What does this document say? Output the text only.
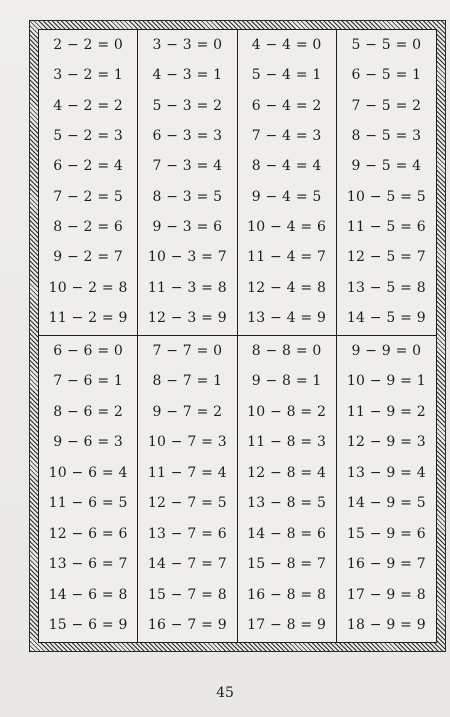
2 − 2 = 0
3 − 2 = 1
4 − 2 = 2
5 − 2 = 3
6 − 2 = 4
7 − 2 = 5
8 − 2 = 6
9 − 2 = 7
10 − 2 = 8
11 − 2 = 9
3 − 3 = 0
4 − 3 = 1
5 − 3 = 2
6 − 3 = 3
7 − 3 = 4
8 − 3 = 5
9 − 3 = 6
10 − 3 = 7
11 − 3 = 8
12 − 3 = 9
4 − 4 = 0
5 − 4 = 1
6 − 4 = 2
7 − 4 = 3
8 − 4 = 4
9 − 4 = 5
10 − 4 = 6
11 − 4 = 7
12 − 4 = 8
13 − 4 = 9
5 − 5 = 0
6 − 5 = 1
7 − 5 = 2
8 − 5 = 3
9 − 5 = 4
10 − 5 = 5
11 − 5 = 6
12 − 5 = 7
13 − 5 = 8
14 − 5 = 9
6 − 6 = 0
7 − 6 = 1
8 − 6 = 2
9 − 6 = 3
10 − 6 = 4
11 − 6 = 5
12 − 6 = 6
13 − 6 = 7
14 − 6 = 8
15 − 6 = 9
7 − 7 = 0
8 − 7 = 1
9 − 7 = 2
10 − 7 = 3
11 − 7 = 4
12 − 7 = 5
13 − 7 = 6
14 − 7 = 7
15 − 7 = 8
16 − 7 = 9
8 − 8 = 0
9 − 8 = 1
10 − 8 = 2
11 − 8 = 3
12 − 8 = 4
13 − 8 = 5
14 − 8 = 6
15 − 8 = 7
16 − 8 = 8
17 − 8 = 9
9 − 9 = 0
10 − 9 = 1
11 − 9 = 2
12 − 9 = 3
13 − 9 = 4
14 − 9 = 5
15 − 9 = 6
16 − 9 = 7
17 − 9 = 8
18 − 9 = 9
45
